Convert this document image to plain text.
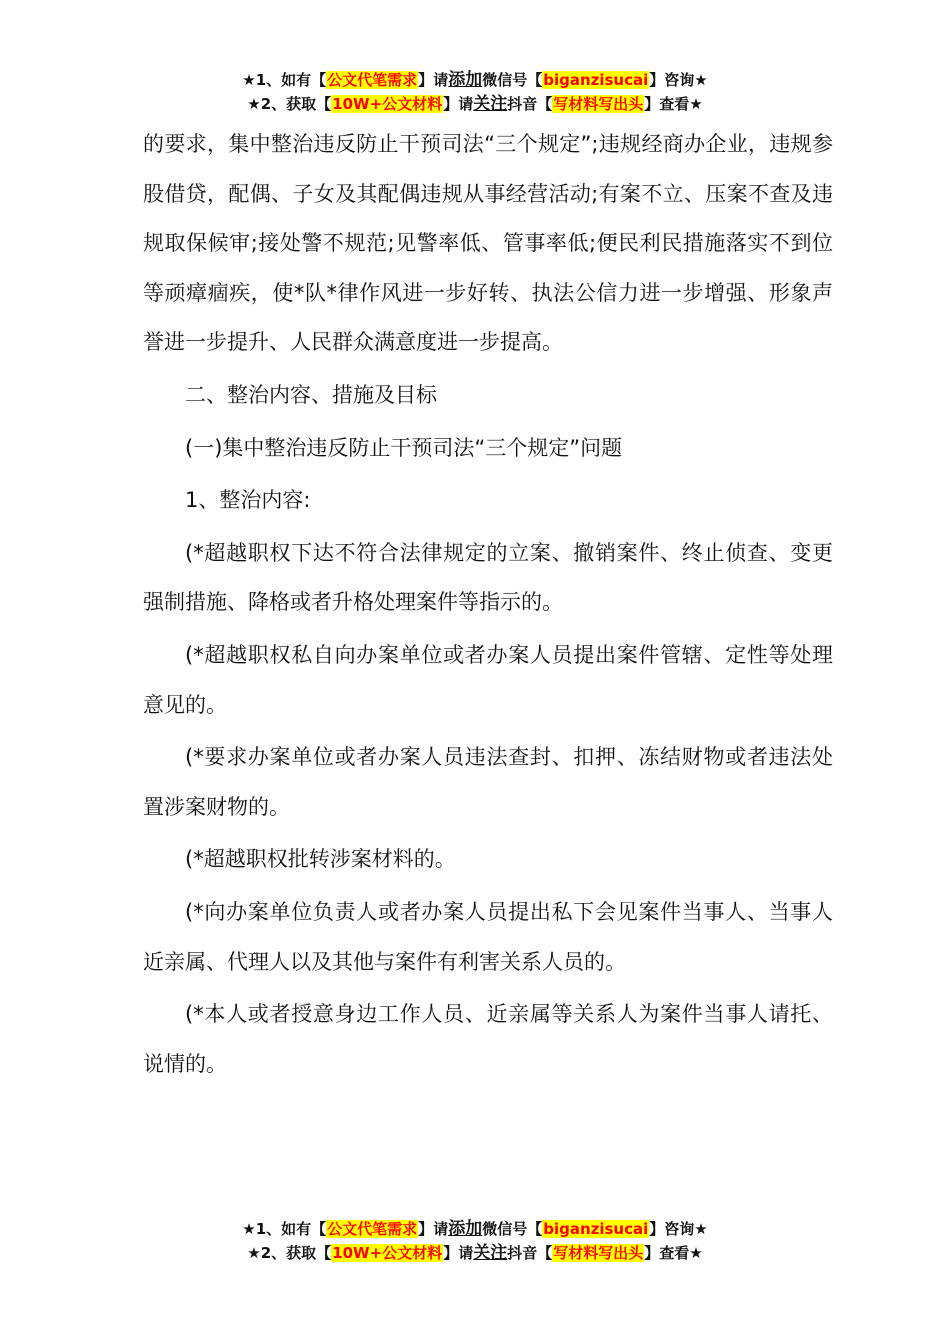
★1、如有【公文代笔需求】请添加微信号【biganzisucai】咨询★
★2、获取【10W+公文材料】请关注抖音【写材料写出头】查看★

的要求，集中整治违反防止干预司法“三个规定”;违规经商办企业，违规参股借贷，配偶、子女及其配偶违规从事经营活动;有案不立、压案不查及违规取保候审;接处警不规范;见警率低、管事率低;便民利民措施落实不到位等顽瘴痼疾，使*队*律作风进一步好转、执法公信力进一步增强、形象声誉进一步提升、人民群众满意度进一步提高。

二、整治内容、措施及目标

(一)集中整治违反防止干预司法“三个规定”问题

1、整治内容:

(*超越职权下达不符合法律规定的立案、撤销案件、终止侦查、变更强制措施、降格或者升格处理案件等指示的。

(*超越职权私自向办案单位或者办案人员提出案件管辖、定性等处理意见的。

(*要求办案单位或者办案人员违法查封、扣押、冻结财物或者违法处置涉案财物的。

(*超越职权批转涉案材料的。

(*向办案单位负责人或者办案人员提出私下会见案件当事人、当事人近亲属、代理人以及其他与案件有利害关系人员的。

(*本人或者授意身边工作人员、近亲属等关系人为案件当事人请托、说情的。

★1、如有【公文代笔需求】请添加微信号【biganzisucai】咨询★
★2、获取【10W+公文材料】请关注抖音【写材料写出头】查看★
